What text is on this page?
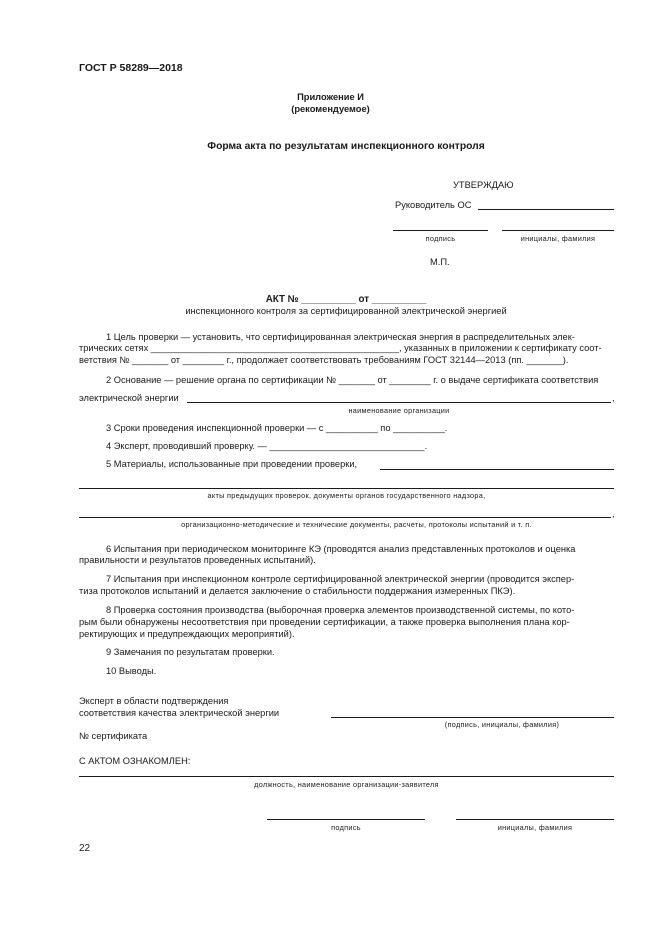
ГОСТ Р 58289—2018
Приложение И
(рекомендуемое)
Форма акта по результатам инспекционного контроля
УТВЕРЖДАЮ
Руководитель ОС
подпись	инициалы, фамилия
М.П.
АКТ № __________ от __________
инспекционного контроля за сертифицированной электрической энергией
1 Цель проверки — установить, что сертифицированная электрическая энергия в распределительных элек-
трических сетях ________________________________________________, указанных в приложении к сертификату соот-
ветствия № _______ от ________ г., продолжает соответствовать требованиям ГОСТ 32144—2013 (пп. _______).
2 Основание — решение органа по сертификации № _______ от ________ г. о выдаче сертификата соответствия
электрической энергии	,
наименование организации
3 Сроки проведения инспекционной проверки — с __________ по __________.
4 Эксперт, проводивший проверку. — ______________________________.
5 Материалы, использованные при проведении проверки,
акты предыдущих проверок, документы органов государственного надзора,
,
организационно-методические и технические документы, расчеты, протоколы испытаний и т. п.
6 Испытания при периодическом мониторинге КЭ (проводятся анализ представленных протоколов и оценка
правильности и результатов проведенных испытаний).
7 Испытания при инспекционном контроле сертифицированной электрической энергии (проводится экспер-
тиза протоколов испытаний и делается заключение о стабильности поддержания измеренных ПКЭ).
8 Проверка состояния производства (выборочная проверка элементов производственной системы, по кото-
рым были обнаружены несоответствия при проведении сертификации, а также проверка выполнения плана кор-
ректирующих и предупреждающих мероприятий).
9 Замечания по результатам проверки.
10 Выводы.
Эксперт в области подтверждения
соответствия качества электрической энергии
(подпись, инициалы, фамилия)
№ сертификата
С АКТОМ ОЗНАКОМЛЕН:
должность, наименование организации-заявителя
подпись	инициалы, фамилия
22
